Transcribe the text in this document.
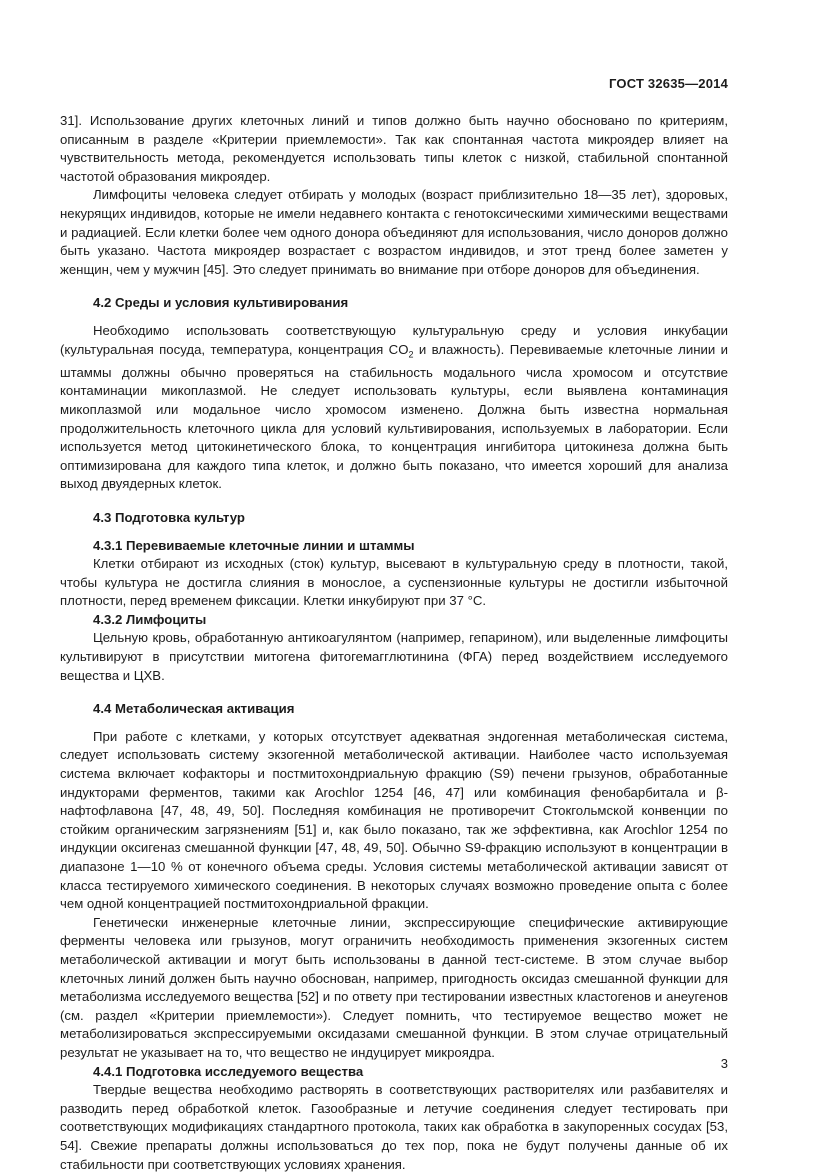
ГОСТ 32635—2014

31]. Использование других клеточных линий и типов должно быть научно обосновано по критериям, описанным в разделе «Критерии приемлемости». Так как спонтанная частота микроядер влияет на чувствительность метода, рекомендуется использовать типы клеток с низкой, стабильной спонтанной частотой образования микроядер.

Лимфоциты человека следует отбирать у молодых (возраст приблизительно 18—35 лет), здоровых, некурящих индивидов, которые не имели недавнего контакта с генотоксическими химическими веществами и радиацией. Если клетки более чем одного донора объединяют для использования, число доноров должно быть указано. Частота микроядер возрастает с возрастом индивидов, и этот тренд более заметен у женщин, чем у мужчин [45]. Это следует принимать во внимание при отборе доноров для объединения.

4.2 Среды и условия культивирования

Необходимо использовать соответствующую культуральную среду и условия инкубации (культуральная посуда, температура, концентрация $CO_2$ и влажность). Перевиваемые клеточные линии и штаммы должны обычно проверяться на стабильность модального числа хромосом и отсутствие контаминации микоплазмой. Не следует использовать культуры, если выявлена контаминация микоплазмой или модальное число хромосом изменено. Должна быть известна нормальная продолжительность клеточного цикла для условий культивирования, используемых в лаборатории. Если используется метод цитокинетического блока, то концентрация ингибитора цитокинеза должна быть оптимизирована для каждого типа клеток, и должно быть показано, что имеется хороший для анализа выход двуядерных клеток.

4.3 Подготовка культур
4.3.1 Перевиваемые клеточные линии и штаммы

Клетки отбирают из исходных (сток) культур, высевают в культуральную среду в плотности, такой, чтобы культура не достигла слияния в монослое, а суспензионные культуры не достигли избыточной плотности, перед временем фиксации. Клетки инкубируют при 37 °С.

4.3.2 Лимфоциты

Цельную кровь, обработанную антикоагулянтом (например, гепарином), или выделенные лимфоциты культивируют в присутствии митогена фитогемагглютинина (ФГА) перед воздействием исследуемого вещества и ЦХВ.

4.4 Метаболическая активация

При работе с клетками, у которых отсутствует адекватная эндогенная метаболическая система, следует использовать систему экзогенной метаболической активации. Наиболее часто используемая система включает кофакторы и постмитохондриальную фракцию (S9) печени грызунов, обработанные индукторами ферментов, такими как Arochlor 1254 [46, 47] или комбинация фенобарбитала и β-нафтофлавона [47, 48, 49, 50]. Последняя комбинация не противоречит Стокгольмской конвенции по стойким органическим загрязнениям [51] и, как было показано, так же эффективна, как Arochlor 1254 по индукции оксигеназ смешанной функции [47, 48, 49, 50]. Обычно S9-фракцию используют в концентрации в диапазоне 1—10 % от конечного объема среды. Условия системы метаболической активации зависят от класса тестируемого химического соединения. В некоторых случаях возможно проведение опыта с более чем одной концентрацией постмитохондриальной фракции.

Генетически инженерные клеточные линии, экспрессирующие специфические активирующие ферменты человека или грызунов, могут ограничить необходимость применения экзогенных систем метаболической активации и могут быть использованы в данной тест-системе. В этом случае выбор клеточных линий должен быть научно обоснован, например, пригодность оксидаз смешанной функции для метаболизма исследуемого вещества [52] и по ответу при тестировании известных кластогенов и анеугенов (см. раздел «Критерии приемлемости»). Следует помнить, что тестируемое вещество может не метаболизироваться экспрессируемыми оксидазами смешанной функции. В этом случае отрицательный результат не указывает на то, что вещество не индуцирует микроядра.

4.4.1 Подготовка исследуемого вещества

Твердые вещества необходимо растворять в соответствующих растворителях или разбавителях и разводить перед обработкой клеток. Газообразные и летучие соединения следует тестировать при соответствующих модификациях стандартного протокола, таких как обработка в закупоренных сосудах [53, 54]. Свежие препараты должны использоваться до тех пор, пока не будут получены данные об их стабильности при соответствующих условиях хранения.

3
